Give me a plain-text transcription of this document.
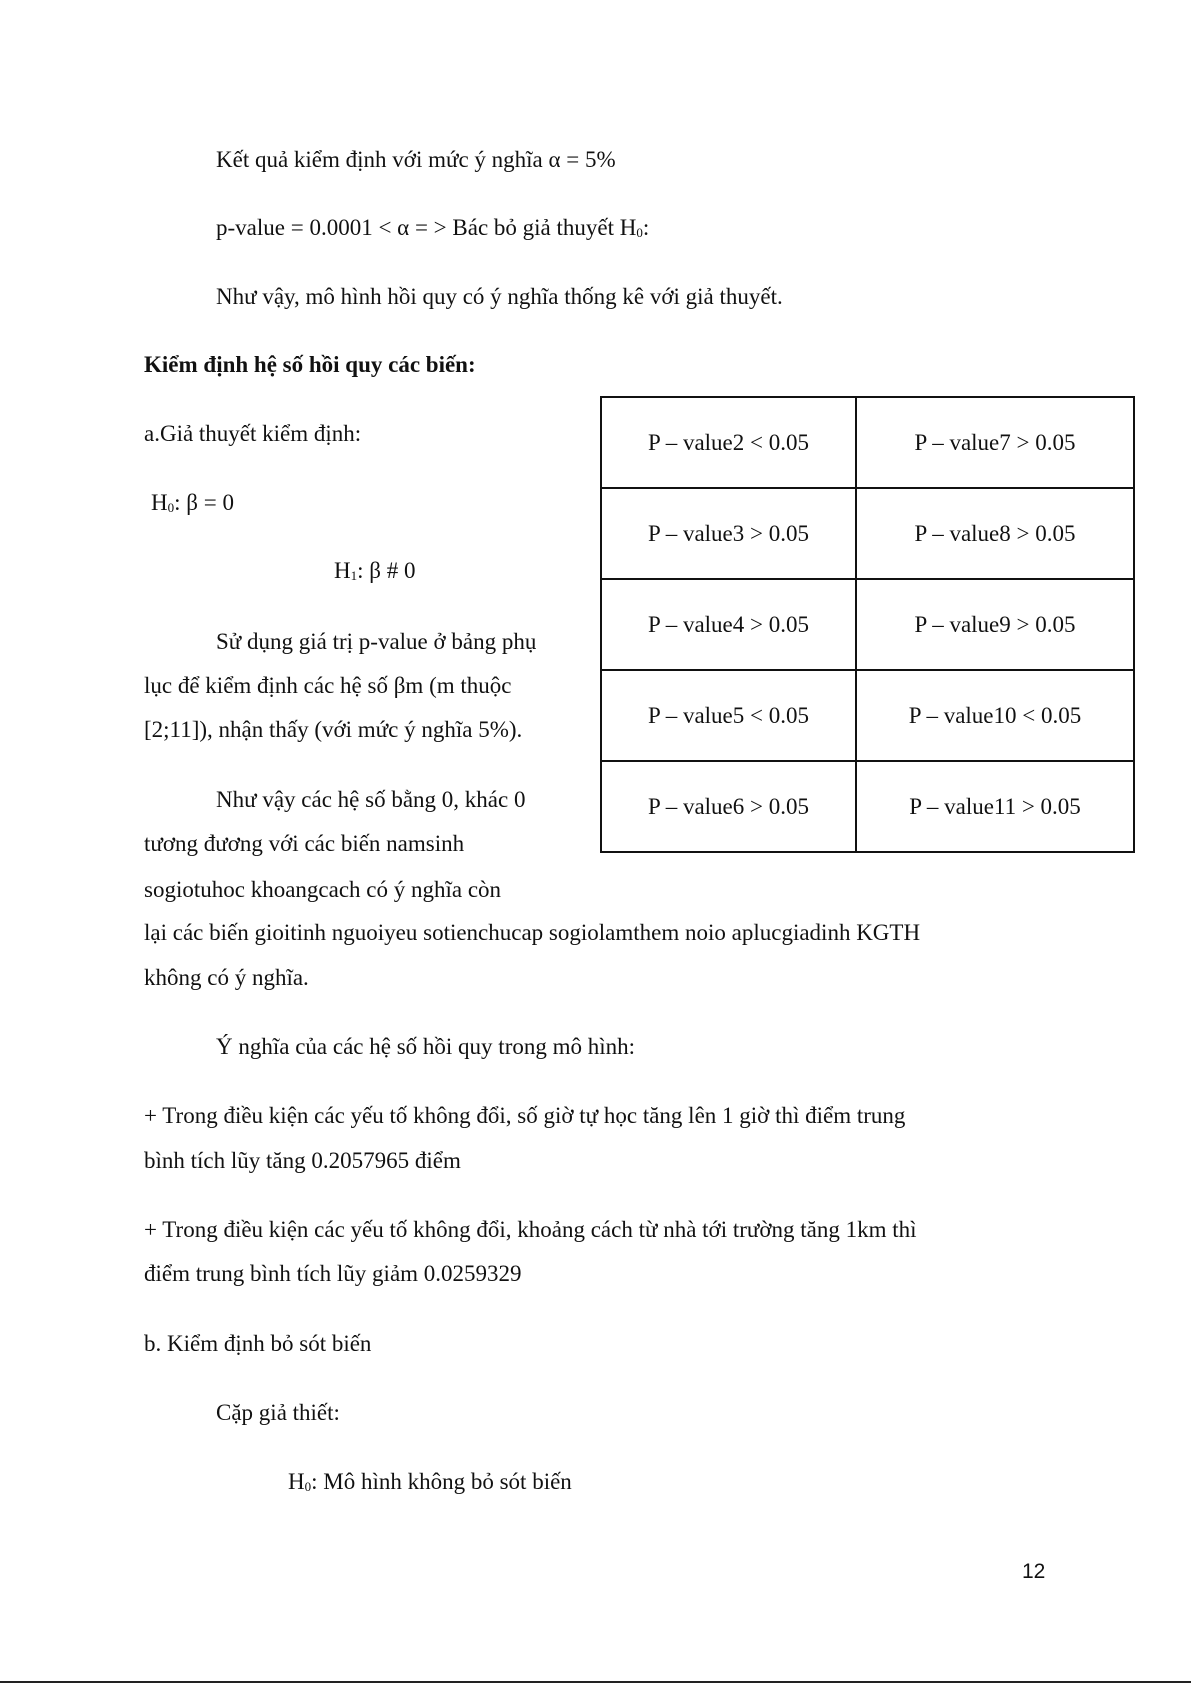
Kết quả kiểm định với mức ý nghĩa α = 5%
p-value = 0.0001 < α = > Bác bỏ giả thuyết H0:
Như vậy, mô hình hồi quy có ý nghĩa thống kê với giả thuyết.
Kiểm định hệ số hồi quy các biến:
a.Giả thuyết kiểm định:
H0: β = 0
H1: β # 0
Sử dụng giá trị p-value ở bảng phụ
lục để kiểm định các hệ số βm (m thuộc
[2;11]), nhận thấy (với mức ý nghĩa 5%).
Như vậy các hệ số bằng 0, khác 0
tương đương với các biến namsinh
sogiotuhoc khoangcach có ý nghĩa còn
lại các biến gioitinh nguoiyeu sotienchucap sogiolamthem noio aplucgiadinh KGTH
không có ý nghĩa.
P – value2 < 0.05	P – value7 > 0.05
P – value3 > 0.05	P – value8 > 0.05
P – value4 > 0.05	P – value9 > 0.05
P – value5 < 0.05	P – value10 < 0.05
P – value6 > 0.05	P – value11 > 0.05
Ý nghĩa của các hệ số hồi quy trong mô hình:
+ Trong điều kiện các yếu tố không đổi, số giờ tự học tăng lên 1 giờ thì điểm trung
bình tích lũy tăng 0.2057965 điểm
+ Trong điều kiện các yếu tố không đổi, khoảng cách từ nhà tới trường tăng 1km thì
điểm trung bình tích lũy giảm 0.0259329
b. Kiểm định bỏ sót biến
Cặp giả thiết:
H0: Mô hình không bỏ sót biến
12
